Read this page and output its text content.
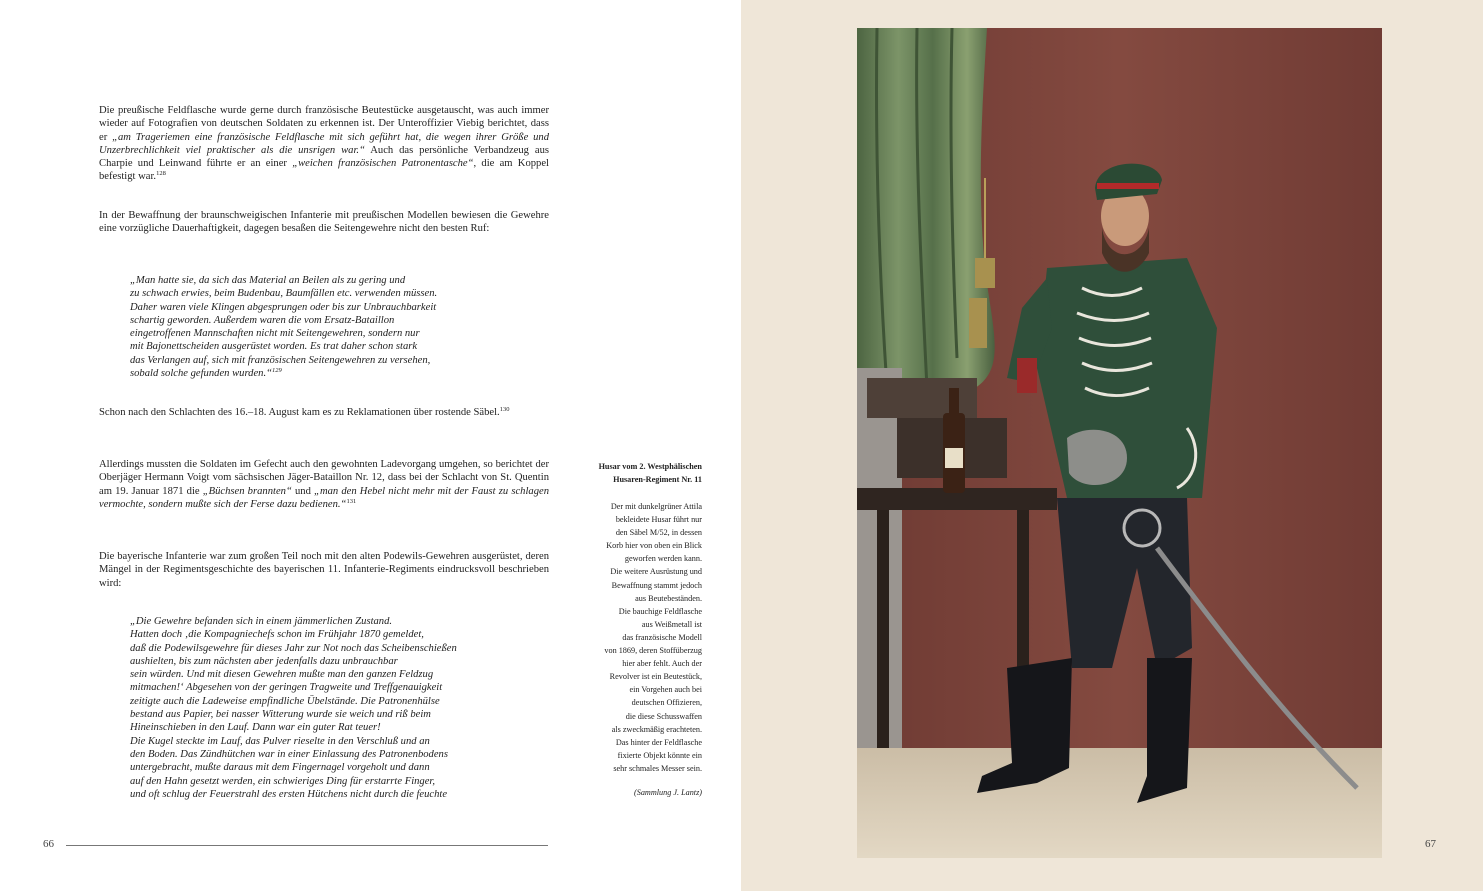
Die preußische Feldflasche wurde gerne durch französische Beutestücke ausgetauscht, was auch immer wieder auf Fotografien von deutschen Soldaten zu erkennen ist. Der Unteroffizier Viebig berichtet, dass er „am Trageriemen eine französische Feldflasche mit sich geführt hat, die wegen ihrer Größe und Unzerbrechlichkeit viel praktischer als die unsrigen war.“ Auch das persönliche Verbandzeug aus Charpie und Leinwand führte er an einer „weichen französischen Patronentasche“, die am Koppel befestigt war.$^{128}$

In der Bewaffnung der braunschweigischen Infanterie mit preußischen Modellen bewiesen die Gewehre eine vorzügliche Dauerhaftigkeit, dagegen besaßen die Seitengewehre nicht den besten Ruf:

„Man hatte sie, da sich das Material an Beilen als zu gering und
zu schwach erwies, beim Budenbau, Baumfällen etc. verwenden müssen.
Daher waren viele Klingen abgesprungen oder bis zur Unbrauchbarkeit
schartig geworden. Außerdem waren die vom Ersatz-Bataillon
eingetroffenen Mannschaften nicht mit Seitengewehren, sondern nur
mit Bajonettscheiden ausgerüstet worden. Es trat daher schon stark
das Verlangen auf, sich mit französischen Seitengewehren zu versehen,
sobald solche gefunden wurden.“$^{129}$

Schon nach den Schlachten des 16.–18. August kam es zu Reklamationen über rostende Säbel.$^{130}$

Allerdings mussten die Soldaten im Gefecht auch den gewohnten Ladevorgang umgehen, so berichtet der Oberjäger Hermann Voigt vom sächsischen Jäger-Bataillon Nr. 12, dass bei der Schlacht von St. Quentin am 19. Januar 1871 die „Büchsen brannten“ und „man den Hebel nicht mehr mit der Faust zu schlagen vermochte, sondern mußte sich der Ferse dazu bedienen.“$^{131}$

Die bayerische Infanterie war zum großen Teil noch mit den alten Podewils-Gewehren ausgerüstet, deren Mängel in der Regimentsgeschichte des bayerischen 11. Infanterie-Regiments eindrucksvoll beschrieben wird:

„Die Gewehre befanden sich in einem jämmerlichen Zustand.
Hatten doch ‚die Kompagniechefs schon im Frühjahr 1870 gemeldet,
daß die Podewilsgewehre für dieses Jahr zur Not noch das Scheibenschießen
aushielten, bis zum nächsten aber jedenfalls dazu unbrauchbar
sein würden. Und mit diesen Gewehren mußte man den ganzen Feldzug
mitmachen!‘ Abgesehen von der geringen Tragweite und Treffgenauigkeit
zeitigte auch die Ladeweise empfindliche Übelstände. Die Patronenhülse
bestand aus Papier, bei nasser Witterung wurde sie weich und riß beim
Hineinschieben in den Lauf. Dann war ein guter Rat teuer!
Die Kugel steckte im Lauf, das Pulver rieselte in den Verschluß und an
den Boden. Das Zündhütchen war in einer Einlassung des Patronenbodens
untergebracht, mußte daraus mit dem Fingernagel vorgeholt und dann
auf den Hahn gesetzt werden, ein schwieriges Ding für erstarrte Finger,
und oft schlug der Feuerstrahl des ersten Hütchens nicht durch die feuchte
Husar vom 2. Westphälischen
Husaren-Regiment Nr. 11
Der mit dunkelgrüner Attila
bekleidete Husar führt nur
den Säbel M/52, in dessen
Korb hier von oben ein Blick
geworfen werden kann.
Die weitere Ausrüstung und
Bewaffnung stammt jedoch
aus Beutebeständen.
Die bauchige Feldflasche
aus Weißmetall ist
das französische Modell
von 1869, deren Stoffüberzug
hier aber fehlt. Auch der
Revolver ist ein Beutestück,
ein Vorgehen auch bei
deutschen Offizieren,
die diese Schusswaffen
als zweckmäßig erachteten.
Das hinter der Feldflasche
fixierte Objekt könnte ein
sehr schmales Messer sein.
(Sammlung J. Lantz)
66	67
